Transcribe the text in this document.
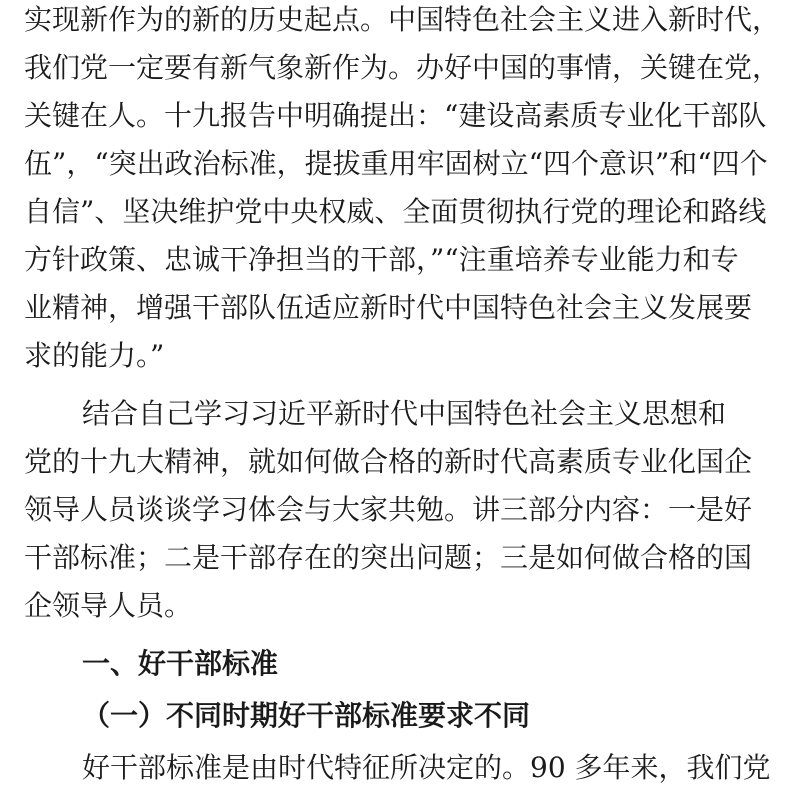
实现新作为的新的历史起点。中国特色社会主义进入新时代，
我们党一定要有新气象新作为。办好中国的事情，关键在党，
关键在人。十九报告中明确提出：“建设高素质专业化干部队
伍”，“突出政治标准，提拔重用牢固树立“四个意识”和“四个
自信”、坚决维护党中央权威、全面贯彻执行党的理论和路线
方针政策、忠诚干净担当的干部，”“注重培养专业能力和专
业精神，增强干部队伍适应新时代中国特色社会主义发展要
求的能力。”
结合自己学习习近平新时代中国特色社会主义思想和
党的十九大精神，就如何做合格的新时代高素质专业化国企
领导人员谈谈学习体会与大家共勉。讲三部分内容：一是好
干部标准；二是干部存在的突出问题；三是如何做合格的国
企领导人员。
一、好干部标准
（一）不同时期好干部标准要求不同
好干部标准是由时代特征所决定的。90 多年来，我们党
